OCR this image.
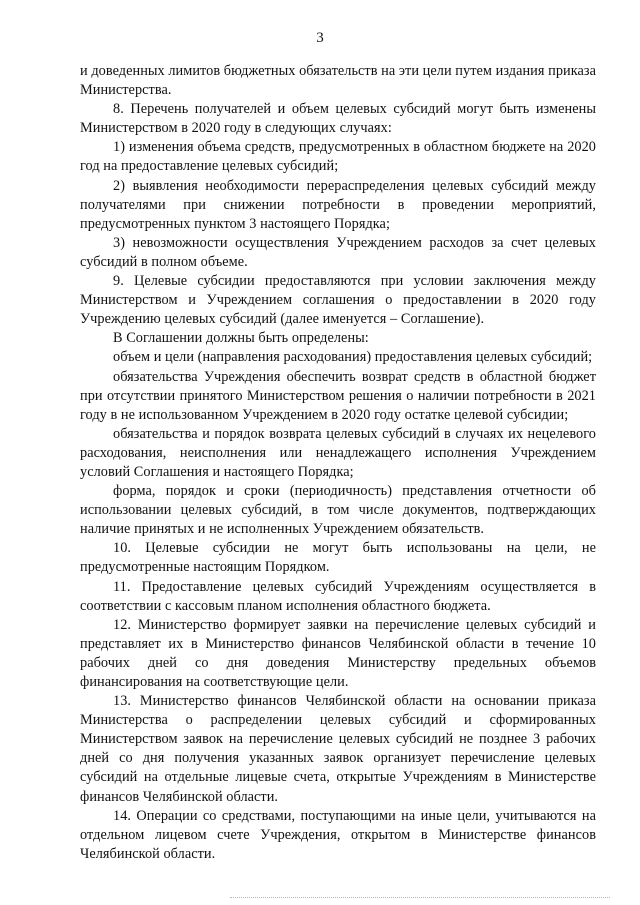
3

и доведенных лимитов бюджетных обязательств на эти цели путем издания приказа Министерства.

8. Перечень получателей и объем целевых субсидий могут быть изменены Министерством в 2020 году в следующих случаях:

1) изменения объема средств, предусмотренных в областном бюджете на 2020 год на предоставление целевых субсидий;

2) выявления необходимости перераспределения целевых субсидий между получателями при снижении потребности в проведении мероприятий, предусмотренных пунктом 3 настоящего Порядка;

3) невозможности осуществления Учреждением расходов за счет целевых субсидий в полном объеме.

9. Целевые субсидии предоставляются при условии заключения между Министерством и Учреждением соглашения о предоставлении в 2020 году Учреждению целевых субсидий (далее именуется – Соглашение).

В Соглашении должны быть определены:

объем и цели (направления расходования) предоставления целевых субсидий;

обязательства Учреждения обеспечить возврат средств в областной бюджет при отсутствии принятого Министерством решения о наличии потребности в 2021 году в не использованном Учреждением в 2020 году остатке целевой субсидии;

обязательства и порядок возврата целевых субсидий в случаях их нецелевого расходования, неисполнения или ненадлежащего исполнения Учреждением условий Соглашения и настоящего Порядка;

форма, порядок и сроки (периодичность) представления отчетности об использовании целевых субсидий, в том числе документов, подтверждающих наличие принятых и не исполненных Учреждением обязательств.

10. Целевые субсидии не могут быть использованы на цели, не предусмотренные настоящим Порядком.

11. Предоставление целевых субсидий Учреждениям осуществляется в соответствии с кассовым планом исполнения областного бюджета.

12. Министерство формирует заявки на перечисление целевых субсидий и представляет их в Министерство финансов Челябинской области в течение 10 рабочих дней со дня доведения Министерству предельных объемов финансирования на соответствующие цели.

13. Министерство финансов Челябинской области на основании приказа Министерства о распределении целевых субсидий и сформированных Министерством заявок на перечисление целевых субсидий не позднее 3 рабочих дней со дня получения указанных заявок организует перечисление целевых субсидий на отдельные лицевые счета, открытые Учреждениям в Министерстве финансов Челябинской области.

14. Операции со средствами, поступающими на иные цели, учитываются на отдельном лицевом счете Учреждения, открытом в Министерстве финансов Челябинской области.
